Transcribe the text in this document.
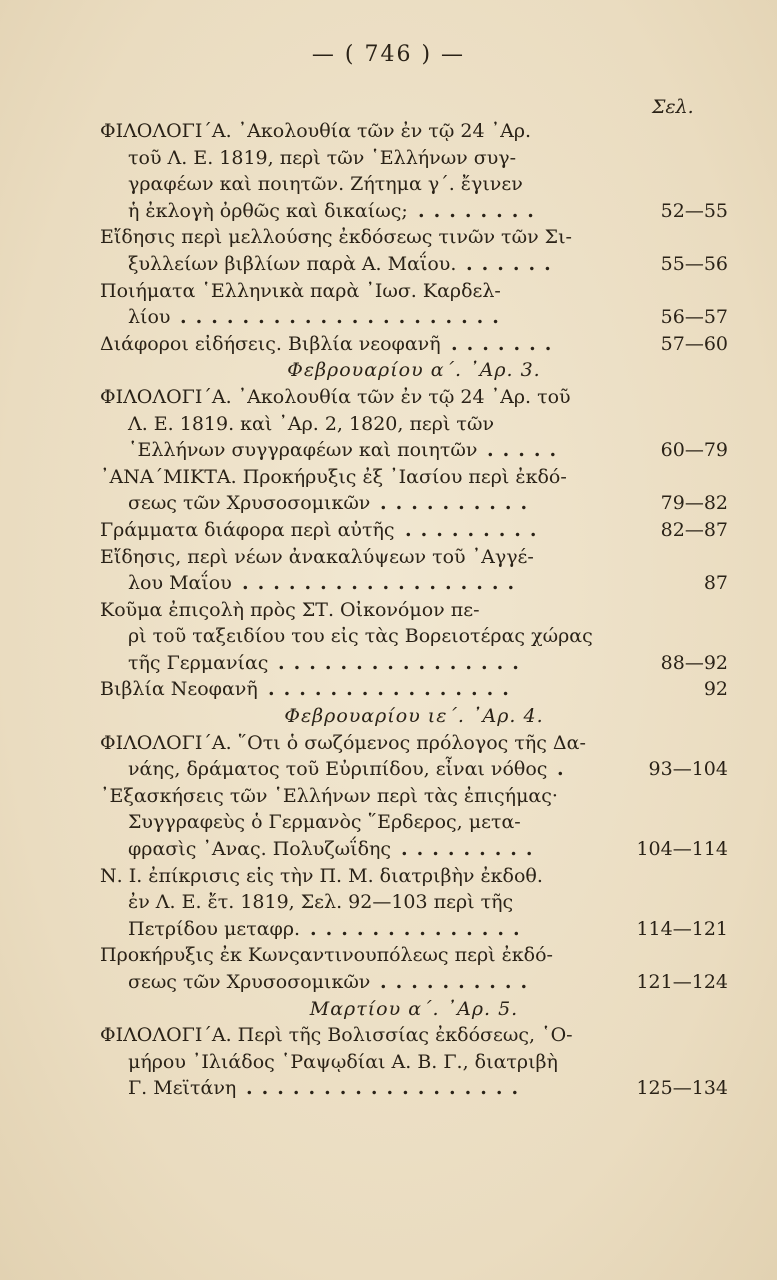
— ( 746 ) —
Σελ.
ΦΙΛΟΛΟΓΙ΄Α. ᾿Ακολουθία τῶν ἐν τῷ 24 ᾿Αρ.
τοῦ Λ. Ε. 1819, περὶ τῶν ῾Ελλήνων συγ-
γραφέων καὶ ποιητῶν. Ζήτημα γ΄. ἔγινεν
ἡ ἐκλογὴ ὀρθῶς καὶ δικαίως; ........	52—55
Εἴδησις περὶ μελλούσης ἐκδόσεως τινῶν τῶν Σι-
ξυλλείων βιβλίων παρὰ Α. Μαΐου. ......	55—56
Ποιήματα ῾Ελληνικὰ παρὰ ᾿Ιωσ. Καρδελ-
λίου .....................	56—57
Διάφοροι εἰδήσεις. Βιβλία νεοφανῆ .......	57—60
Φεβρουαρίου α΄. ᾿Αρ. 3.
ΦΙΛΟΛΟΓΙ΄Α. ᾿Ακολουθία τῶν ἐν τῷ 24 ᾿Αρ. τοῦ
Λ. Ε. 1819. καὶ ᾿Αρ. 2, 1820, περὶ τῶν
῾Ελλήνων συγγραφέων καὶ ποιητῶν .....	60—79
᾿ΑΝΑ΄ΜΙΚΤΑ. Προκήρυξις ἐξ ᾿Ιασίου περὶ ἐκδό-
σεως τῶν Χρυσοσομικῶν ..........	79—82
Γράμματα διάφορα περὶ αὐτῆς .........	82—87
Εἴδησις, περὶ νέων ἀνακαλύψεων τοῦ ᾿Αγγέ-
λου Μαΐου ..................	87
Κοῦμα ἐπιςολὴ πρὸς ΣΤ. Οἰκονόμον πε-
ρὶ τοῦ ταξειδίου του εἰς τὰς Βορειοτέρας χώρας
τῆς Γερμανίας ................	88—92
Βιβλία Νεοφανῆ ................	92
Φεβρουαρίου ιε΄. ᾿Αρ. 4.
ΦΙΛΟΛΟΓΙ΄Α. ῞Οτι ὁ σωζόμενος πρόλογος τῆς Δα-
νάης, δράματος τοῦ Εὐριπίδου, εἶναι νόθος .	93—104
᾿Εξασκήσεις τῶν ῾Ελλήνων περὶ τὰς ἐπιςήμας·
Συγγραφεὺς ὁ Γερμανὸς ῞Ερδερος, μετα-
φρασὶς ᾿Ανας. Πολυζωΐδης .........	104—114
Ν. Ι. ἐπίκρισις εἰς τὴν Π. Μ. διατριβὴν ἐκδοθ.
ἐν Λ. Ε. ἔτ. 1819, Σελ. 92—103 περὶ τῆς
Πετρίδου μεταφρ. ..............	114—121
Προκήρυξις ἐκ Κωνςαντινουπόλεως περὶ ἐκδό-
σεως τῶν Χρυσοσομικῶν ..........	121—124
Μαρτίου α΄. ᾿Αρ. 5.
ΦΙΛΟΛΟΓΙ΄Α. Περὶ τῆς Βολισσίας ἐκδόσεως, ῾Ο-
μήρου ᾿Ιλιάδος ῾Ραψῳδίαι Α. Β. Γ., διατριβὴ
Γ. Μεϊτάνη ..................	125—134
